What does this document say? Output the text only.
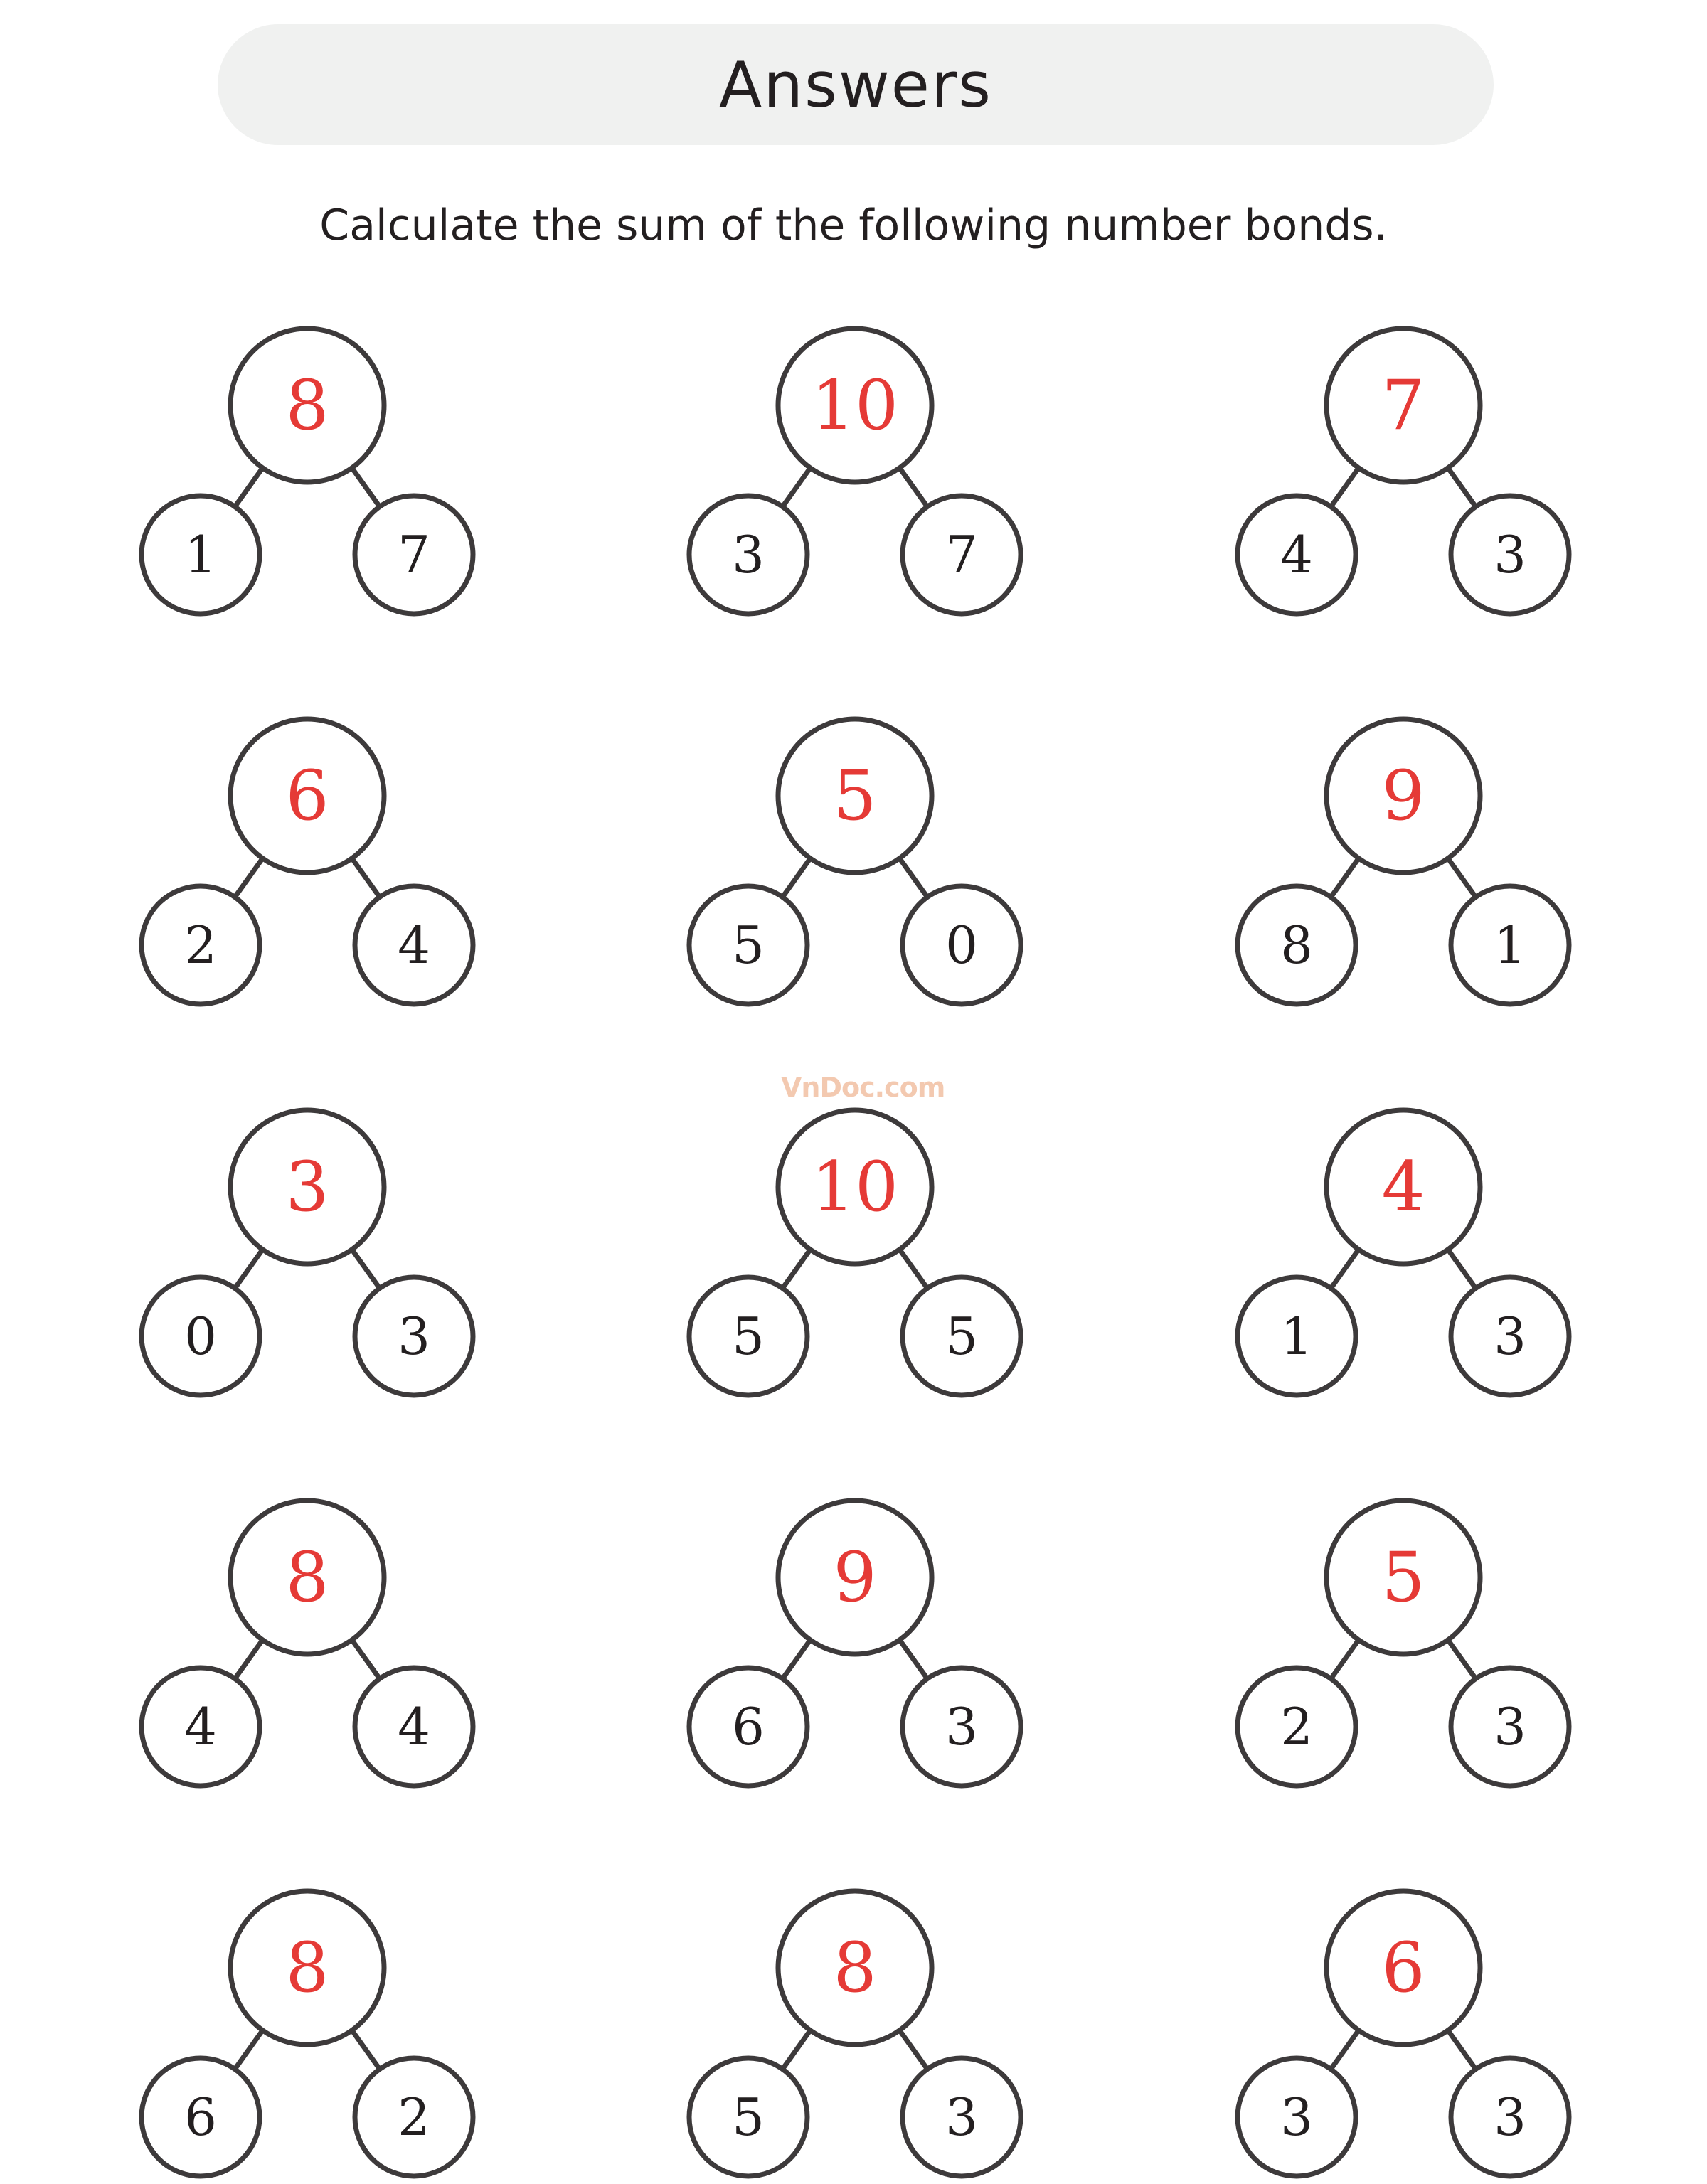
Answers
Calculate the sum of the following number bonds.
8
1	7
10
3	7
7
4	3
6
2	4
5
5	0
9
8	1
3
0	3
10
5	5
4
1	3
8
4	4
9
6	3
5
2	3
8
6	2
8
5	3
6
3	3
VnDoc.com
